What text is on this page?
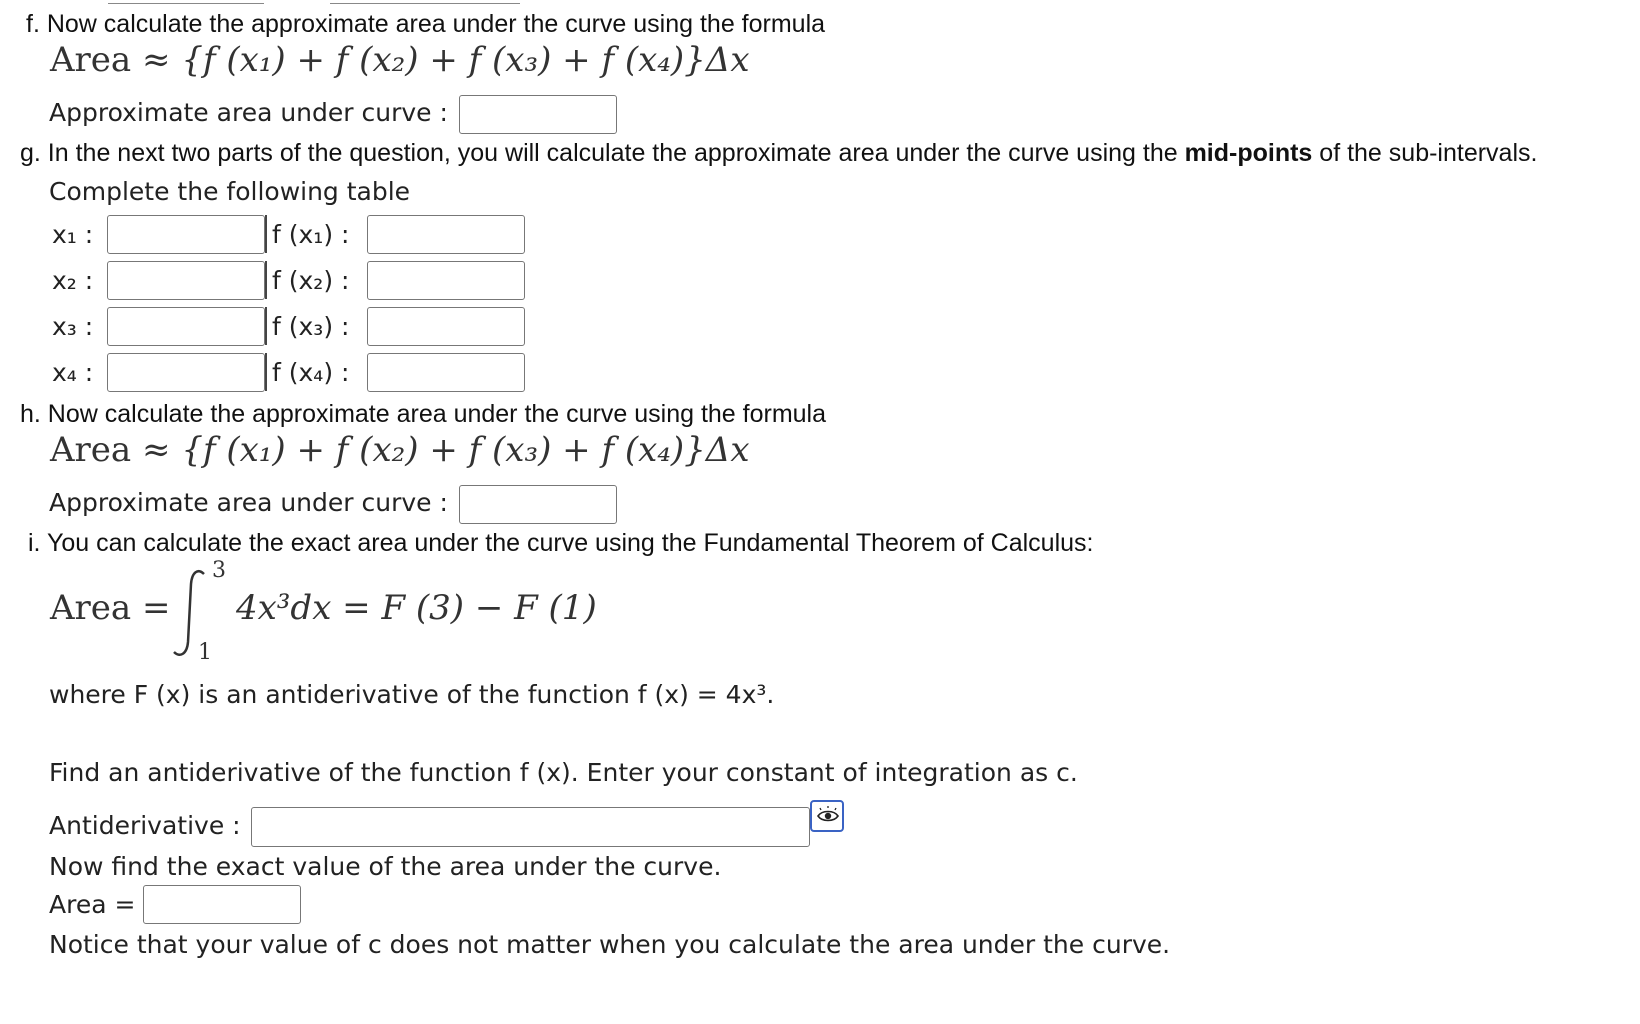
f. Now calculate the approximate area under the curve using the formula
Area ≈ {f (x₁) + f (x₂) + f (x₃) + f (x₄)}Δx
Approximate area under curve :
g. In the next two parts of the question, you will calculate the approximate area under the curve using the mid-points of the sub-intervals.
Complete the following table
x₁ :	f (x₁) :
x₂ :	f (x₂) :
x₃ :	f (x₃) :
x₄ :	f (x₄) :
h. Now calculate the approximate area under the curve using the formula
Area ≈ {f (x₁) + f (x₂) + f (x₃) + f (x₄)}Δx
Approximate area under curve :
i. You can calculate the exact area under the curve using the Fundamental Theorem of Calculus:
Area =
3
1
4x³dx = F (3) − F (1)
where F (x) is an antiderivative of the function f (x) = 4x³.
Find an antiderivative of the function f (x). Enter your constant of integration as c.
Antiderivative :
Now find the exact value of the area under the curve.
Area =
Notice that your value of c does not matter when you calculate the area under the curve.
